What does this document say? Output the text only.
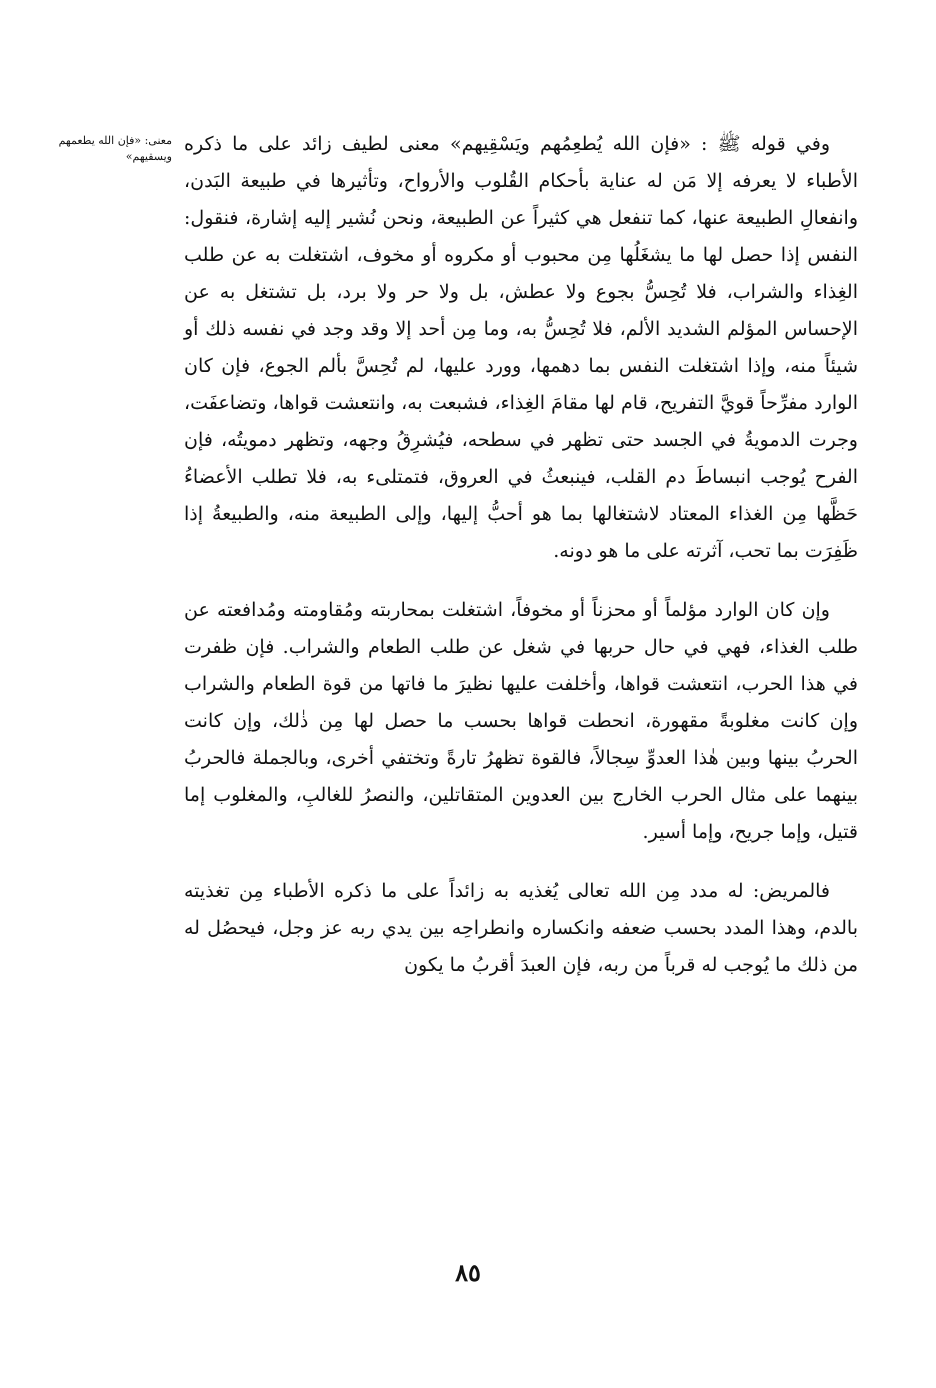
معنى: «فإن الله يطعمهم ويسقيهم»

وفي قوله ﷺ : «فإن الله يُطعِمُهم ويَسْقِيهم» معنى لطيف زائد على ما ذكره الأطباء لا يعرفه إلا مَن له عناية بأحكام القُلوب والأرواح، وتأثيرها في طبيعة البَدن، وانفعالِ الطبيعة عنها، كما تنفعل هي كثيراً عن الطبيعة، ونحن نُشير إليه إشارة، فنقول: النفس إذا حصل لها ما يشغَلُها مِن محبوب أو مكروه أو مخوف، اشتغلت به عن طلب الغِذاء والشراب، فلا تُحِسُّ بجوع ولا عطش، بل ولا حر ولا برد، بل تشتغل به عن الإحساس المؤلم الشديد الألم، فلا تُحِسُّ به، وما مِن أحد إلا وقد وجد في نفسه ذلك أو شيئاً منه، وإذا اشتغلت النفس بما دهمها، وورد عليها، لم تُحِسَّ بألم الجوع، فإن كان الوارد مفرِّحاً قويَّ التفريح، قام لها مقامَ الغِذاء، فشبعت به، وانتعشت قواها، وتضاعفَت، وجرت الدمويةُ في الجسد حتى تظهر في سطحه، فيُشرِقُ وجهه، وتظهر دمويتُه، فإن الفرح يُوجب انبساطَ دم القلب، فينبعثُ في العروق، فتمتلىء به، فلا تطلب الأعضاءُ حَظَّها مِن الغذاء المعتاد لاشتغالها بما هو أحبُّ إليها، وإلى الطبيعة منه، والطبيعةُ إذا ظَفِرَت بما تحب، آثرته على ما هو دونه.

وإن كان الوارد مؤلماً أو محزناً أو مخوفاً، اشتغلت بمحاربته ومُقاومته ومُدافعته عن طلب الغذاء، فهي في حال حربها في شغل عن طلب الطعام والشراب. فإن ظفرت في هذا الحرب، انتعشت قواها، وأخلفت عليها نظيرَ ما فاتها من قوة الطعام والشراب وإن كانت مغلوبةً مقهورة، انحطت قواها بحسب ما حصل لها مِن ذٰلك، وإن كانت الحربُ بينها وبين هٰذا العدوِّ سِجالاً، فالقوة تظهرُ تارةً وتختفي أخرى، وبالجملة فالحربُ بينهما على مثال الحرب الخارج بين العدوين المتقاتلين، والنصرُ للغالبِ، والمغلوب إما قتيل، وإما جريح، وإما أسير.

فالمريض: له مدد مِن الله تعالى يُغذيه به زائداً على ما ذكره الأطباء مِن تغذيته بالدم، وهذا المدد بحسب ضعفه وانكساره وانطراحِه بين يدي ربه عز وجل، فيحصُل له من ذلك ما يُوجب له قرباً من ربه، فإن العبدَ أقربُ ما يكون

٨٥
